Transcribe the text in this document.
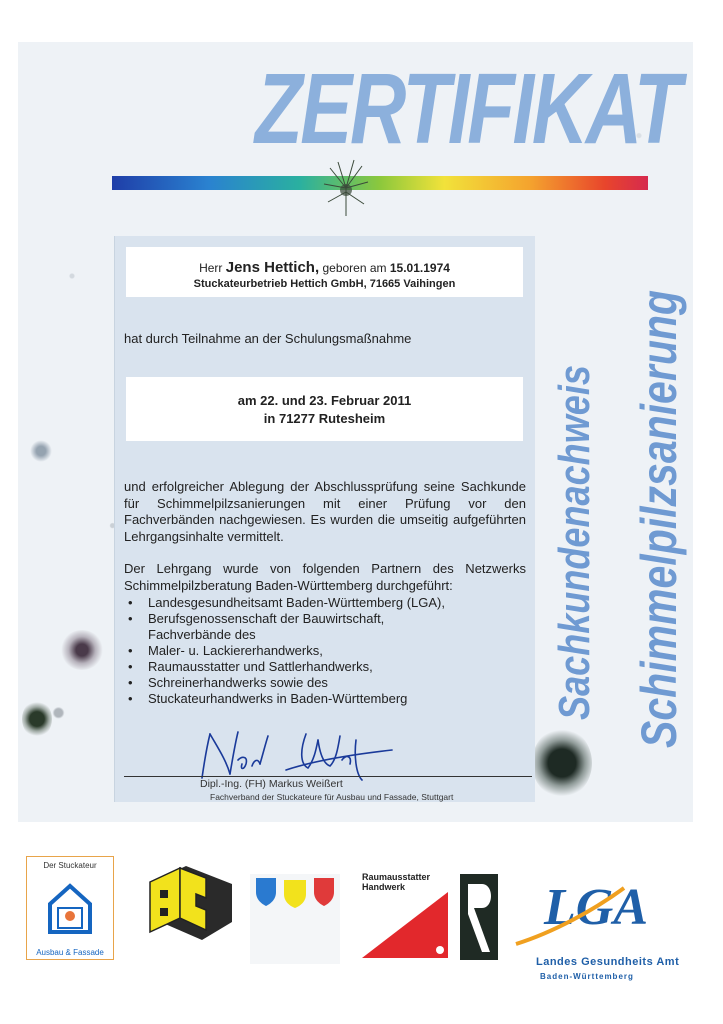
ZERTIFIKAT
Herr Jens Hettich, geboren am 15.01.1974
Stuckateurbetrieb Hettich GmbH, 71665 Vaihingen
hat durch Teilnahme an der Schulungsmaßnahme
am 22. und 23. Februar 2011
in 71277 Rutesheim
und erfolgreicher Ablegung der Abschlussprüfung seine Sachkunde für Schimmelpilzsanierungen mit einer Prüfung vor den Fachverbänden nachgewiesen. Es wurden die umseitig aufgeführten Lehrgangsinhalte vermittelt.
Der Lehrgang wurde von folgenden Partnern des Netzwerks Schimmelpilzberatung Baden-Württemberg durchgeführt:
• Landesgesundheitsamt Baden-Württemberg (LGA),
• Berufsgenossenschaft der Bauwirtschaft,
Fachverbände des
• Maler- u. Lackiererhandwerks,
• Raumausstatter und Sattlerhandwerks,
• Schreinerhandwerks sowie des
• Stuckateurhandwerks in Baden-Württemberg
Dipl.-Ing. (FH) Markus Weißert
Fachverband der Stuckateure für Ausbau und Fassade, Stuttgart
Sachkundenachweis Schimmelpilzsanierung
Der Stuckateur
Ausbau & Fassade
Raumausstatter Handwerk	LGA
Landes Gesundheits Amt
Baden-Württemberg
